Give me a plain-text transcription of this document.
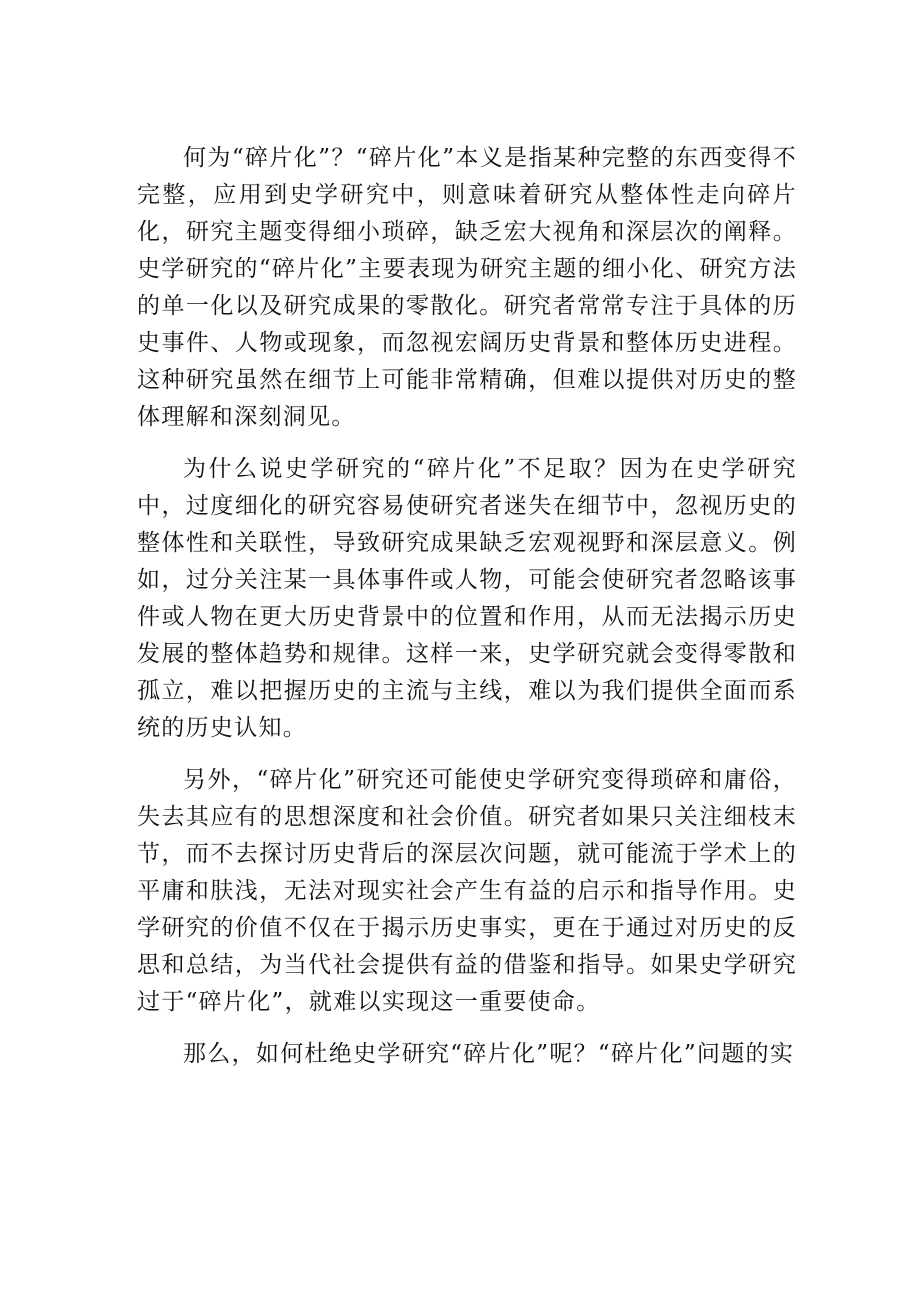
何为“碎片化”？“碎片化”本义是指某种完整的东西变得不完整，应用到史学研究中，则意味着研究从整体性走向碎片化，研究主题变得细小琐碎，缺乏宏大视角和深层次的阐释。史学研究的“碎片化”主要表现为研究主题的细小化、研究方法的单一化以及研究成果的零散化。研究者常常专注于具体的历史事件、人物或现象，而忽视宏阔历史背景和整体历史进程。这种研究虽然在细节上可能非常精确，但难以提供对历史的整体理解和深刻洞见。

为什么说史学研究的“碎片化”不足取？因为在史学研究中，过度细化的研究容易使研究者迷失在细节中，忽视历史的整体性和关联性，导致研究成果缺乏宏观视野和深层意义。例如，过分关注某一具体事件或人物，可能会使研究者忽略该事件或人物在更大历史背景中的位置和作用，从而无法揭示历史发展的整体趋势和规律。这样一来，史学研究就会变得零散和孤立，难以把握历史的主流与主线，难以为我们提供全面而系统的历史认知。

另外，“碎片化”研究还可能使史学研究变得琐碎和庸俗，失去其应有的思想深度和社会价值。研究者如果只关注细枝末节，而不去探讨历史背后的深层次问题，就可能流于学术上的平庸和肤浅，无法对现实社会产生有益的启示和指导作用。史学研究的价值不仅在于揭示历史事实，更在于通过对历史的反思和总结，为当代社会提供有益的借鉴和指导。如果史学研究过于“碎片化”，就难以实现这一重要使命。

那么，如何杜绝史学研究“碎片化”呢？“碎片化”问题的实
